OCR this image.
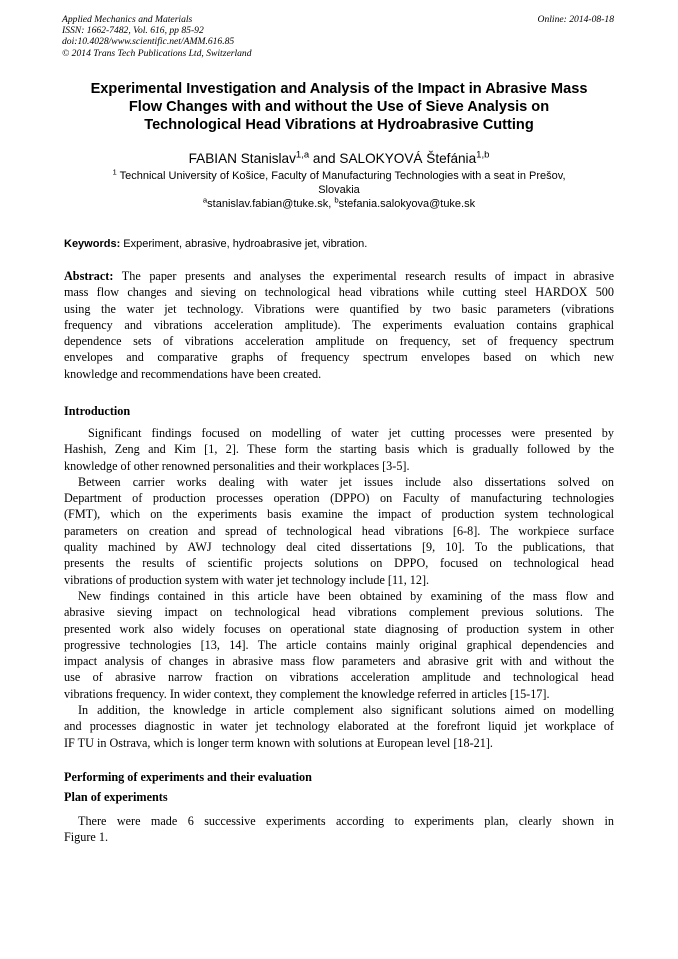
Applied Mechanics and Materials	Online: 2014-08-18
ISSN: 1662-7482, Vol. 616, pp 85-92
doi:10.4028/www.scientific.net/AMM.616.85
© 2014 Trans Tech Publications Ltd, Switzerland
Experimental Investigation and Analysis of the Impact in Abrasive Mass
Flow Changes with and without the Use of Sieve Analysis on
Technological Head Vibrations at Hydroabrasive Cutting
FABIAN Stanislav$^{1,a}$ and SALOKYOVÁ Štefánia$^{1,b}$
$^1$ Technical University of Košice, Faculty of Manufacturing Technologies with a seat in Prešov,
Slovakia
$^a$stanislav.fabian@tuke.sk, $^b$stefania.salokyova@tuke.sk
Keywords: Experiment, abrasive, hydroabrasive jet, vibration.
Abstract: The paper presents and analyses the experimental research results of impact in abrasive
mass flow changes and sieving on technological head vibrations while cutting steel HARDOX 500
using the water jet technology. Vibrations were quantified by two basic parameters (vibrations
frequency and vibrations acceleration amplitude). The experiments evaluation contains graphical
dependence sets of vibrations acceleration amplitude on frequency, set of frequency spectrum
envelopes and comparative graphs of frequency spectrum envelopes based on which new
knowledge and recommendations have been created.
Introduction
Significant findings focused on modelling of water jet cutting processes were presented by
Hashish, Zeng and Kim [1, 2]. These form the starting basis which is gradually followed by the
knowledge of other renowned personalities and their workplaces [3-5].
Between carrier works dealing with water jet issues include also dissertations solved on
Department of production processes operation (DPPO) on Faculty of manufacturing technologies
(FMT), which on the experiments basis examine the impact of production system technological
parameters on creation and spread of technological head vibrations [6-8]. The workpiece surface
quality machined by AWJ technology deal cited dissertations [9, 10]. To the publications, that
presents the results of scientific projects solutions on DPPO, focused on technological head
vibrations of production system with water jet technology include [11, 12].
New findings contained in this article have been obtained by examining of the mass flow and
abrasive sieving impact on technological head vibrations complement previous solutions. The
presented work also widely focuses on operational state diagnosing of production system in other
progressive technologies [13, 14]. The article contains mainly original graphical dependencies and
impact analysis of changes in abrasive mass flow parameters and abrasive grit with and without the
use of abrasive narrow fraction on vibrations acceleration amplitude and technological head
vibrations frequency. In wider context, they complement the knowledge referred in articles [15-17].
In addition, the knowledge in article complement also significant solutions aimed on modelling
and processes diagnostic in water jet technology elaborated at the forefront liquid jet workplace of
IF TU in Ostrava, which is longer term known with solutions at European level [18-21].
Performing of experiments and their evaluation
Plan of experiments
There were made 6 successive experiments according to experiments plan, clearly shown in
Figure 1.
